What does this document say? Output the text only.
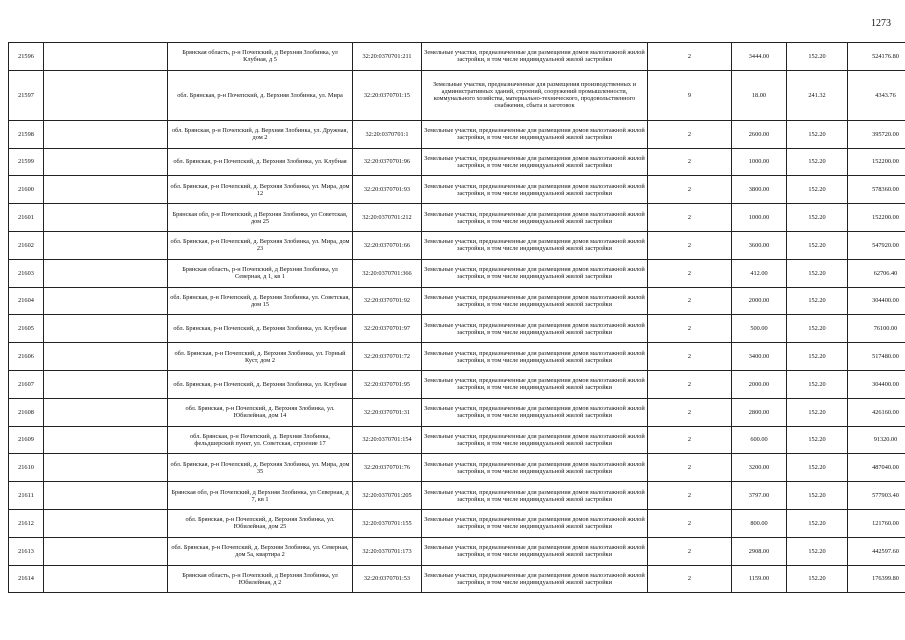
1273
21596		Брянская область, р-н Почепский, д Верхняя Злобинка, ул Клубная, д 5	32:20:0370701:211	Земельные участки, предназначенные для размещения домов малоэтажной жилой застройки, в том числе индивидуальной жилой застройки	2	3444.00	152.20	524176.80
21597		обл. Брянская, р-н Почепский, д. Верхняя Злобинка, ул. Мира	32:20:0370701:15	Земельные участки, предназначенные для размещения производственных и административных зданий, строений, сооружений промышленности, коммунального хозяйства, материально-технического, продовольственного снабжения, сбыта и заготовок	9	18.00	241.32	4343.76
21598		обл. Брянская, р-н Почепский, д. Верхняя Злобинка, ул. Дружная, дом 2	32:20:0370701:1	Земельные участки, предназначенные для размещения домов малоэтажной жилой застройки, в том числе индивидуальной жилой застройки	2	2600.00	152.20	395720.00
21599		обл. Брянская, р-н Почепский, д. Верхняя Злобинка, ул. Клубная	32:20:0370701:96	Земельные участки, предназначенные для размещения домов малоэтажной жилой застройки, в том числе индивидуальной жилой застройки	2	1000.00	152.20	152200.00
21600		обл. Брянская, р-н Почепский, д. Верхняя Злобинка, ул. Мира, дом 12	32:20:0370701:93	Земельные участки, предназначенные для размещения домов малоэтажной жилой застройки, в том числе индивидуальной жилой застройки	2	3800.00	152.20	578360.00
21601		Брянская обл, р-н Почепский, д Верхняя Злобинка, ул Советская, дом 25	32:20:0370701:212	Земельные участки, предназначенные для размещения домов малоэтажной жилой застройки, в том числе индивидуальной жилой застройки	2	1000.00	152.20	152200.00
21602		обл. Брянская, р-н Почепский, д. Верхняя Злобинка, ул. Мира, дом 23	32:20:0370701:66	Земельные участки, предназначенные для размещения домов малоэтажной жилой застройки, в том числе индивидуальной жилой застройки	2	3600.00	152.20	547920.00
21603		Брянская область, р-н Почепский, д Верхняя Злобинка, ул Северная, д 1, кв 1	32:20:0370701:366	Земельные участки, предназначенные для размещения домов малоэтажной жилой застройки, в том числе индивидуальной жилой застройки	2	412.00	152.20	62706.40
21604		обл. Брянская, р-н Почепский, д. Верхняя Злобинка, ул. Советская, дом 15	32:20:0370701:92	Земельные участки, предназначенные для размещения домов малоэтажной жилой застройки, в том числе индивидуальной жилой застройки	2	2000.00	152.20	304400.00
21605		обл. Брянская, р-н Почепский, д. Верхняя Злобинка, ул. Клубная	32:20:0370701:97	Земельные участки, предназначенные для размещения домов малоэтажной жилой застройки, в том числе индивидуальной жилой застройки	2	500.00	152.20	76100.00
21606		обл. Брянская, р-н Почепский, д. Верхняя Злобинка, ул. Горный Куст, дом 2	32:20:0370701:72	Земельные участки, предназначенные для размещения домов малоэтажной жилой застройки, в том числе индивидуальной жилой застройки	2	3400.00	152.20	517480.00
21607		обл. Брянская, р-н Почепский, д. Верхняя Злобинка, ул. Клубная	32:20:0370701:95	Земельные участки, предназначенные для размещения домов малоэтажной жилой застройки, в том числе индивидуальной жилой застройки	2	2000.00	152.20	304400.00
21608		обл. Брянская, р-н Почепский, д. Верхняя Злобинка, ул. Юбилейная, дом 14	32:20:0370701:31	Земельные участки, предназначенные для размещения домов малоэтажной жилой застройки, в том числе индивидуальной жилой застройки	2	2800.00	152.20	426160.00
21609		обл. Брянская, р-н Почепский, д. Верхняя Злобинка, фельдшерский пункт, ул. Советская, строение 17	32:20:0370701:154	Земельные участки, предназначенные для размещения домов малоэтажной жилой застройки, в том числе индивидуальной жилой застройки	2	600.00	152.20	91320.00
21610		обл. Брянская, р-н Почепский, д. Верхняя Злобинка, ул. Мира, дом 35	32:20:0370701:76	Земельные участки, предназначенные для размещения домов малоэтажной жилой застройки, в том числе индивидуальной жилой застройки	2	3200.00	152.20	487040.00
21611		Брянская обл, р-н Почепский, д Верхняя Злобинка, ул Северная, д 7, кв 1	32:20:0370701:205	Земельные участки, предназначенные для размещения домов малоэтажной жилой застройки, в том числе индивидуальной жилой застройки	2	3797.00	152.20	577903.40
21612		обл. Брянская, р-н Почепский, д. Верхняя Злобинка, ул. Юбилейная, дом 25	32:20:0370701:155	Земельные участки, предназначенные для размещения домов малоэтажной жилой застройки, в том числе индивидуальной жилой застройки	2	800.00	152.20	121760.00
21613		обл. Брянская, р-н Почепский, д. Верхняя Злобинка, ул. Северная, дом 5а, квартира 2	32:20:0370701:173	Земельные участки, предназначенные для размещения домов малоэтажной жилой застройки, в том числе индивидуальной жилой застройки	2	2908.00	152.20	442597.60
21614		Брянская область, р-н Почепский, д Верхняя Злобинка, ул Юбилейная, д 2	32:20:0370701:53	Земельные участки, предназначенные для размещения домов малоэтажной жилой застройки, в том числе индивидуальной жилой застройки	2	1159.00	152.20	176399.80
